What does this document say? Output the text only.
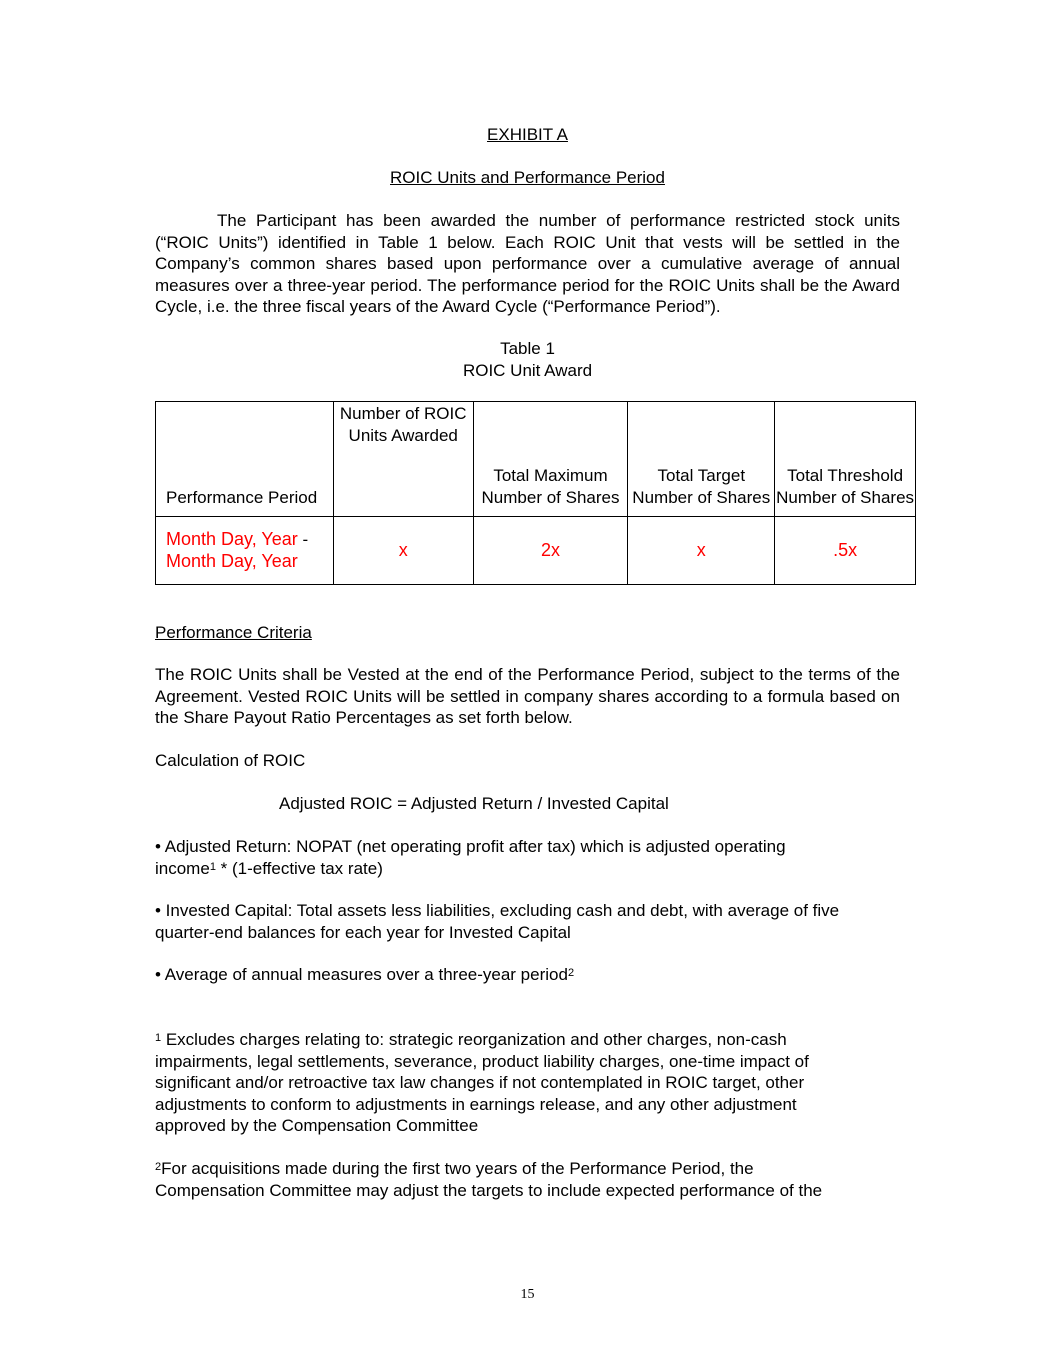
EXHIBIT A
ROIC Units and Performance Period
The Participant has been awarded the number of performance restricted stock units (“ROIC Units”) identified in Table 1 below. Each ROIC Unit that vests will be settled in the Company’s common shares based upon performance over a cumulative average of annual measures over a three-year period. The performance period for the ROIC Units shall be the Award Cycle, i.e. the three fiscal years of the Award Cycle (“Performance Period”).
Table 1
ROIC Unit Award
Performance Period	Number of ROIC Units Awarded	Total Maximum Number of Shares	Total Target Number of Shares	Total Threshold Number of Shares
Month Day, Year -
Month Day, Year	x	2x	x	.5x
Performance Criteria
The ROIC Units shall be Vested at the end of the Performance Period, subject to the terms of the Agreement. Vested ROIC Units will be settled in company shares according to a formula based on the Share Payout Ratio Percentages as set forth below.
Calculation of ROIC
Adjusted ROIC = Adjusted Return / Invested Capital
• Adjusted Return: NOPAT (net operating profit after tax) which is adjusted operating income$^1$ * (1-effective tax rate)
• Invested Capital: Total assets less liabilities, excluding cash and debt, with average of five quarter-end balances for each year for Invested Capital
• Average of annual measures over a three-year period$^2$
$^1$ Excludes charges relating to: strategic reorganization and other charges, non-cash impairments, legal settlements, severance, product liability charges, one-time impact of significant and/or retroactive tax law changes if not contemplated in ROIC target, other adjustments to conform to adjustments in earnings release, and any other adjustment approved by the Compensation Committee
$^2$For acquisitions made during the first two years of the Performance Period, the Compensation Committee may adjust the targets to include expected performance of the
15
